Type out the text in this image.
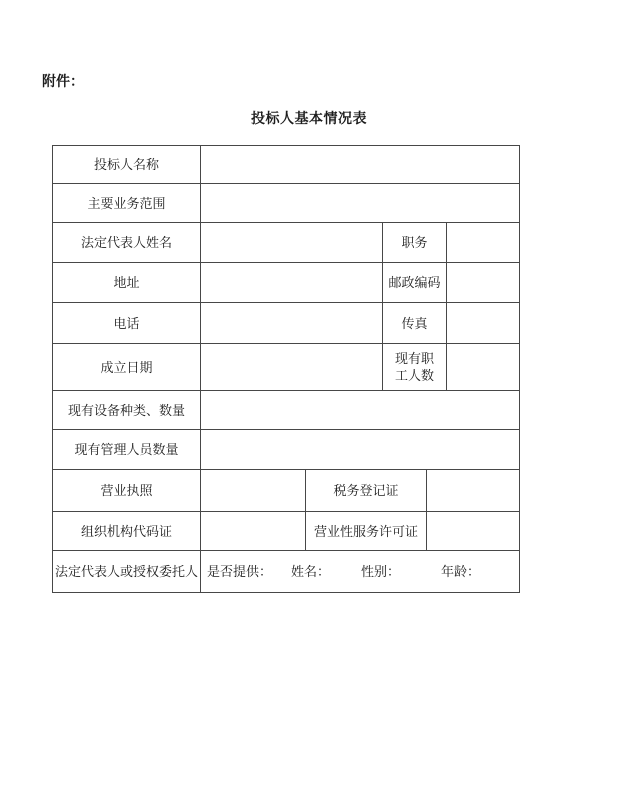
附件：
投标人基本情况表
投标人名称					
主要业务范围					
法定代表人姓名			职务		
地址			邮政编码		
电话			传真		
成立日期			现有职工人数		
现有设备种类、数量					
现有管理人员数量					
营业执照		税务登记证			
组织机构代码证		营业性服务许可证			
法定代表人或授权委托人	是否提供： 姓名： 性别： 年龄：				
